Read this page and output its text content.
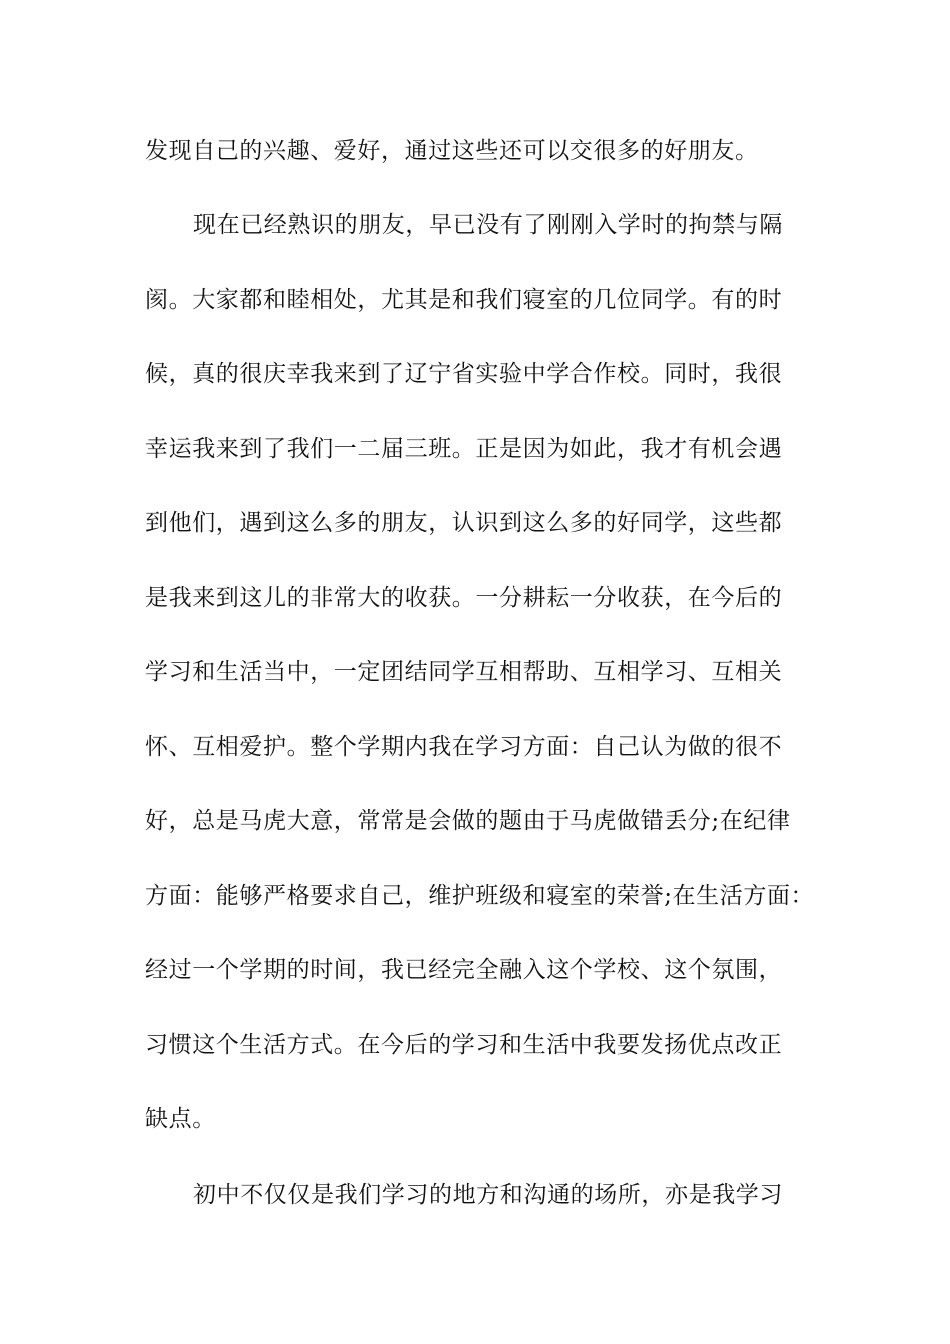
发现自己的兴趣、爱好，通过这些还可以交很多的好朋友。
现在已经熟识的朋友，早已没有了刚刚入学时的拘禁与隔
阂。大家都和睦相处，尤其是和我们寝室的几位同学。有的时
候，真的很庆幸我来到了辽宁省实验中学合作校。同时，我很
幸运我来到了我们一二届三班。正是因为如此，我才有机会遇
到他们，遇到这么多的朋友，认识到这么多的好同学，这些都
是我来到这儿的非常大的收获。一分耕耘一分收获，在今后的
学习和生活当中，一定团结同学互相帮助、互相学习、互相关
怀、互相爱护。整个学期内我在学习方面：自己认为做的很不
好，总是马虎大意，常常是会做的题由于马虎做错丢分;在纪律
方面：能够严格要求自己，维护班级和寝室的荣誉;在生活方面：
经过一个学期的时间，我已经完全融入这个学校、这个氛围，
习惯这个生活方式。在今后的学习和生活中我要发扬优点改正
缺点。
初中不仅仅是我们学习的地方和沟通的场所，亦是我学习
